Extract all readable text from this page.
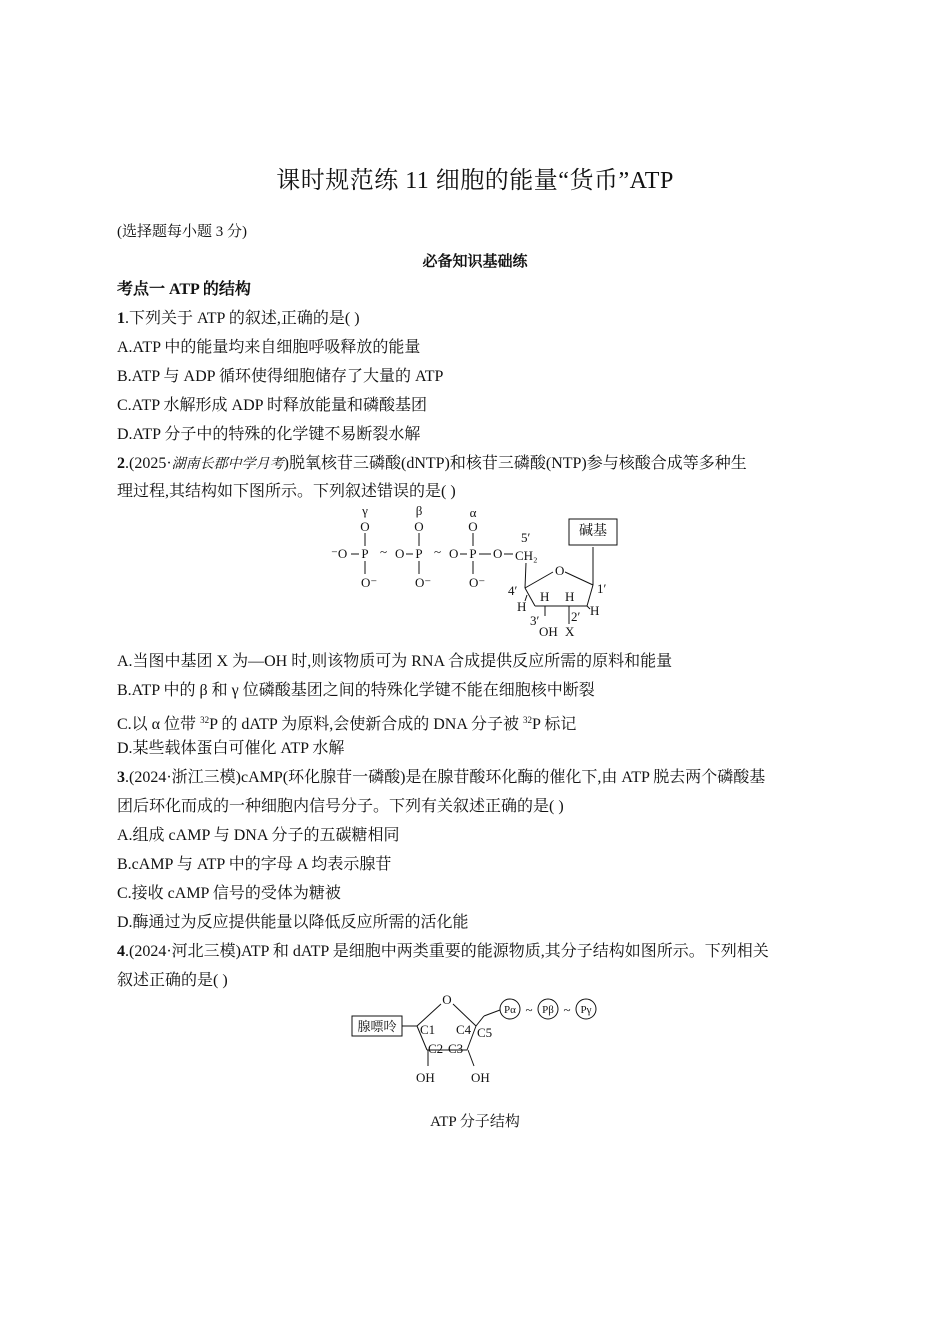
课时规范练 11 细胞的能量“货币”ATP
(选择题每小题 3 分)
必备知识基础练
考点一 ATP 的结构
1.下列关于 ATP 的叙述,正确的是( )
A.ATP 中的能量均来自细胞呼吸释放的能量
B.ATP 与 ADP 循环使得细胞储存了大量的 ATP
C.ATP 水解形成 ADP 时释放能量和磷酸基团
D.ATP 分子中的特殊的化学键不易断裂水解
2.(2025·湖南长郡中学月考)脱氧核苷三磷酸(dNTP)和核苷三磷酸(NTP)参与核酸合成等多种生
理过程,其结构如下图所示。下列叙述错误的是( )
γ	β	α
O	O	O
⁻O P ~ O P ~ O P O CH₂
5′
O⁻	O⁻	O⁻
O
4′	1′
H
H H
H
2′
3′
OH X
碱基
A.当图中基团 X 为—OH 时,则该物质可为 RNA 合成提供反应所需的原料和能量
B.ATP 中的 β 和 γ 位磷酸基团之间的特殊化学键不能在细胞核中断裂
C.以 α 位带 $^{32}$P 的 dATP 为原料,会使新合成的 DNA 分子被 $^{32}$P 标记
D.某些载体蛋白可催化 ATP 水解
3.(2024·浙江三模)cAMP(环化腺苷一磷酸)是在腺苷酸环化酶的催化下,由 ATP 脱去两个磷酸基
团后环化而成的一种细胞内信号分子。下列有关叙述正确的是( )
A.组成 cAMP 与 DNA 分子的五碳糖相同
B.cAMP 与 ATP 中的字母 A 均表示腺苷
C.接收 cAMP 信号的受体为糖被
D.酶通过为反应提供能量以降低反应所需的活化能
4.(2024·河北三模)ATP 和 dATP 是细胞中两类重要的能源物质,其分子结构如图所示。下列相关
叙述正确的是( )
腺嘌呤
O
C1 C4
C2 C3
C5
OH	OH
Pα Pβ Pγ
~ ~
ATP 分子结构
